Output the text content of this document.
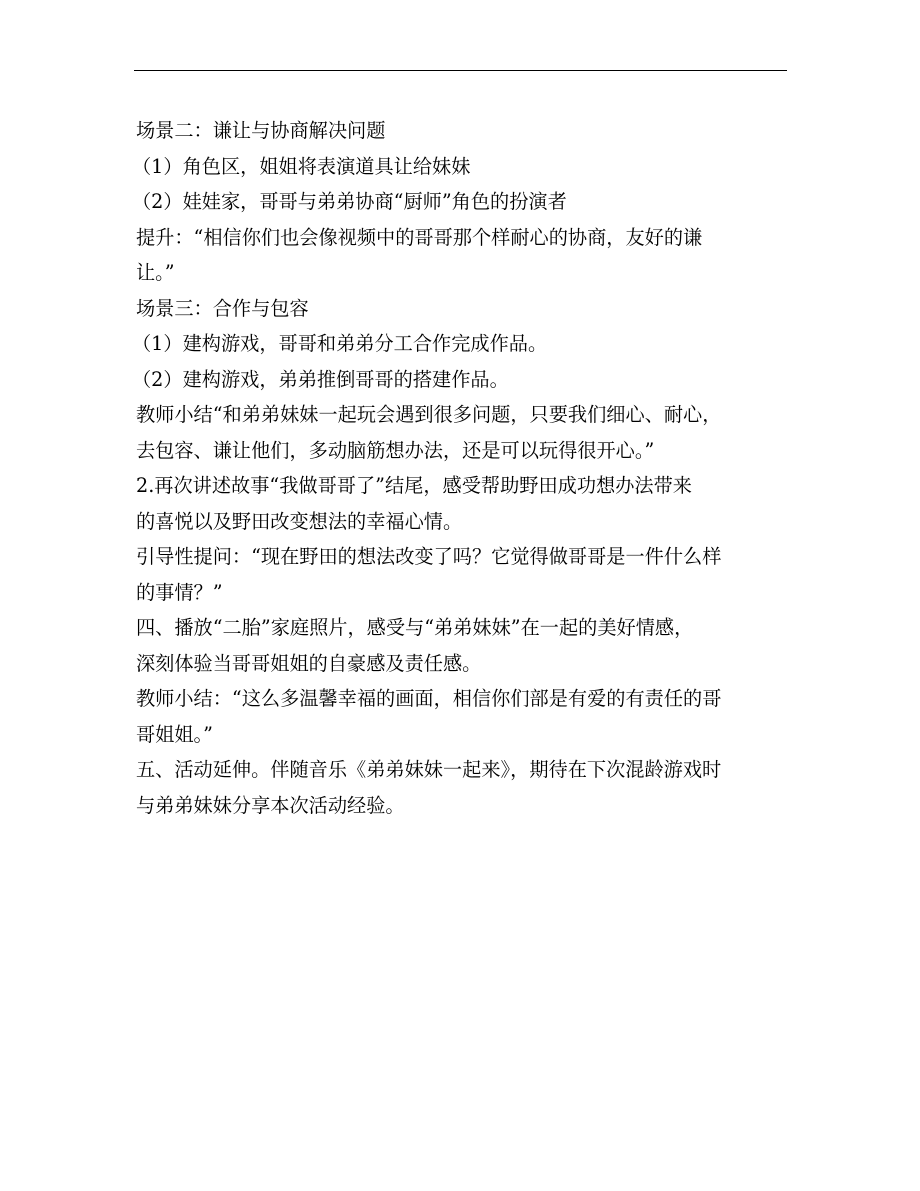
场景二：谦让与协商解决问题
（1）角色区，姐姐将表演道具让给妹妹
（2）娃娃家，哥哥与弟弟协商“厨师”角色的扮演者
提升：“相信你们也会像视频中的哥哥那个样耐心的协商，友好的谦
让。”
场景三：合作与包容
（1）建构游戏，哥哥和弟弟分工合作完成作品。
（2）建构游戏，弟弟推倒哥哥的搭建作品。
教师小结“和弟弟妹妹一起玩会遇到很多问题，只要我们细心、耐心，
去包容、谦让他们，多动脑筋想办法，还是可以玩得很开心。”
2.再次讲述故事“我做哥哥了”结尾，感受帮助野田成功想办法带来
的喜悦以及野田改变想法的幸福心情。
引导性提问：“现在野田的想法改变了吗？它觉得做哥哥是一件什么样
的事情？”
四、播放“二胎”家庭照片，感受与“弟弟妹妹”在一起的美好情感，
深刻体验当哥哥姐姐的自豪感及责任感。
教师小结：“这么多温馨幸福的画面，相信你们部是有爱的有责任的哥
哥姐姐。”
五、活动延伸。伴随音乐《弟弟妹妹一起来》，期待在下次混龄游戏时
与弟弟妹妹分享本次活动经验。
